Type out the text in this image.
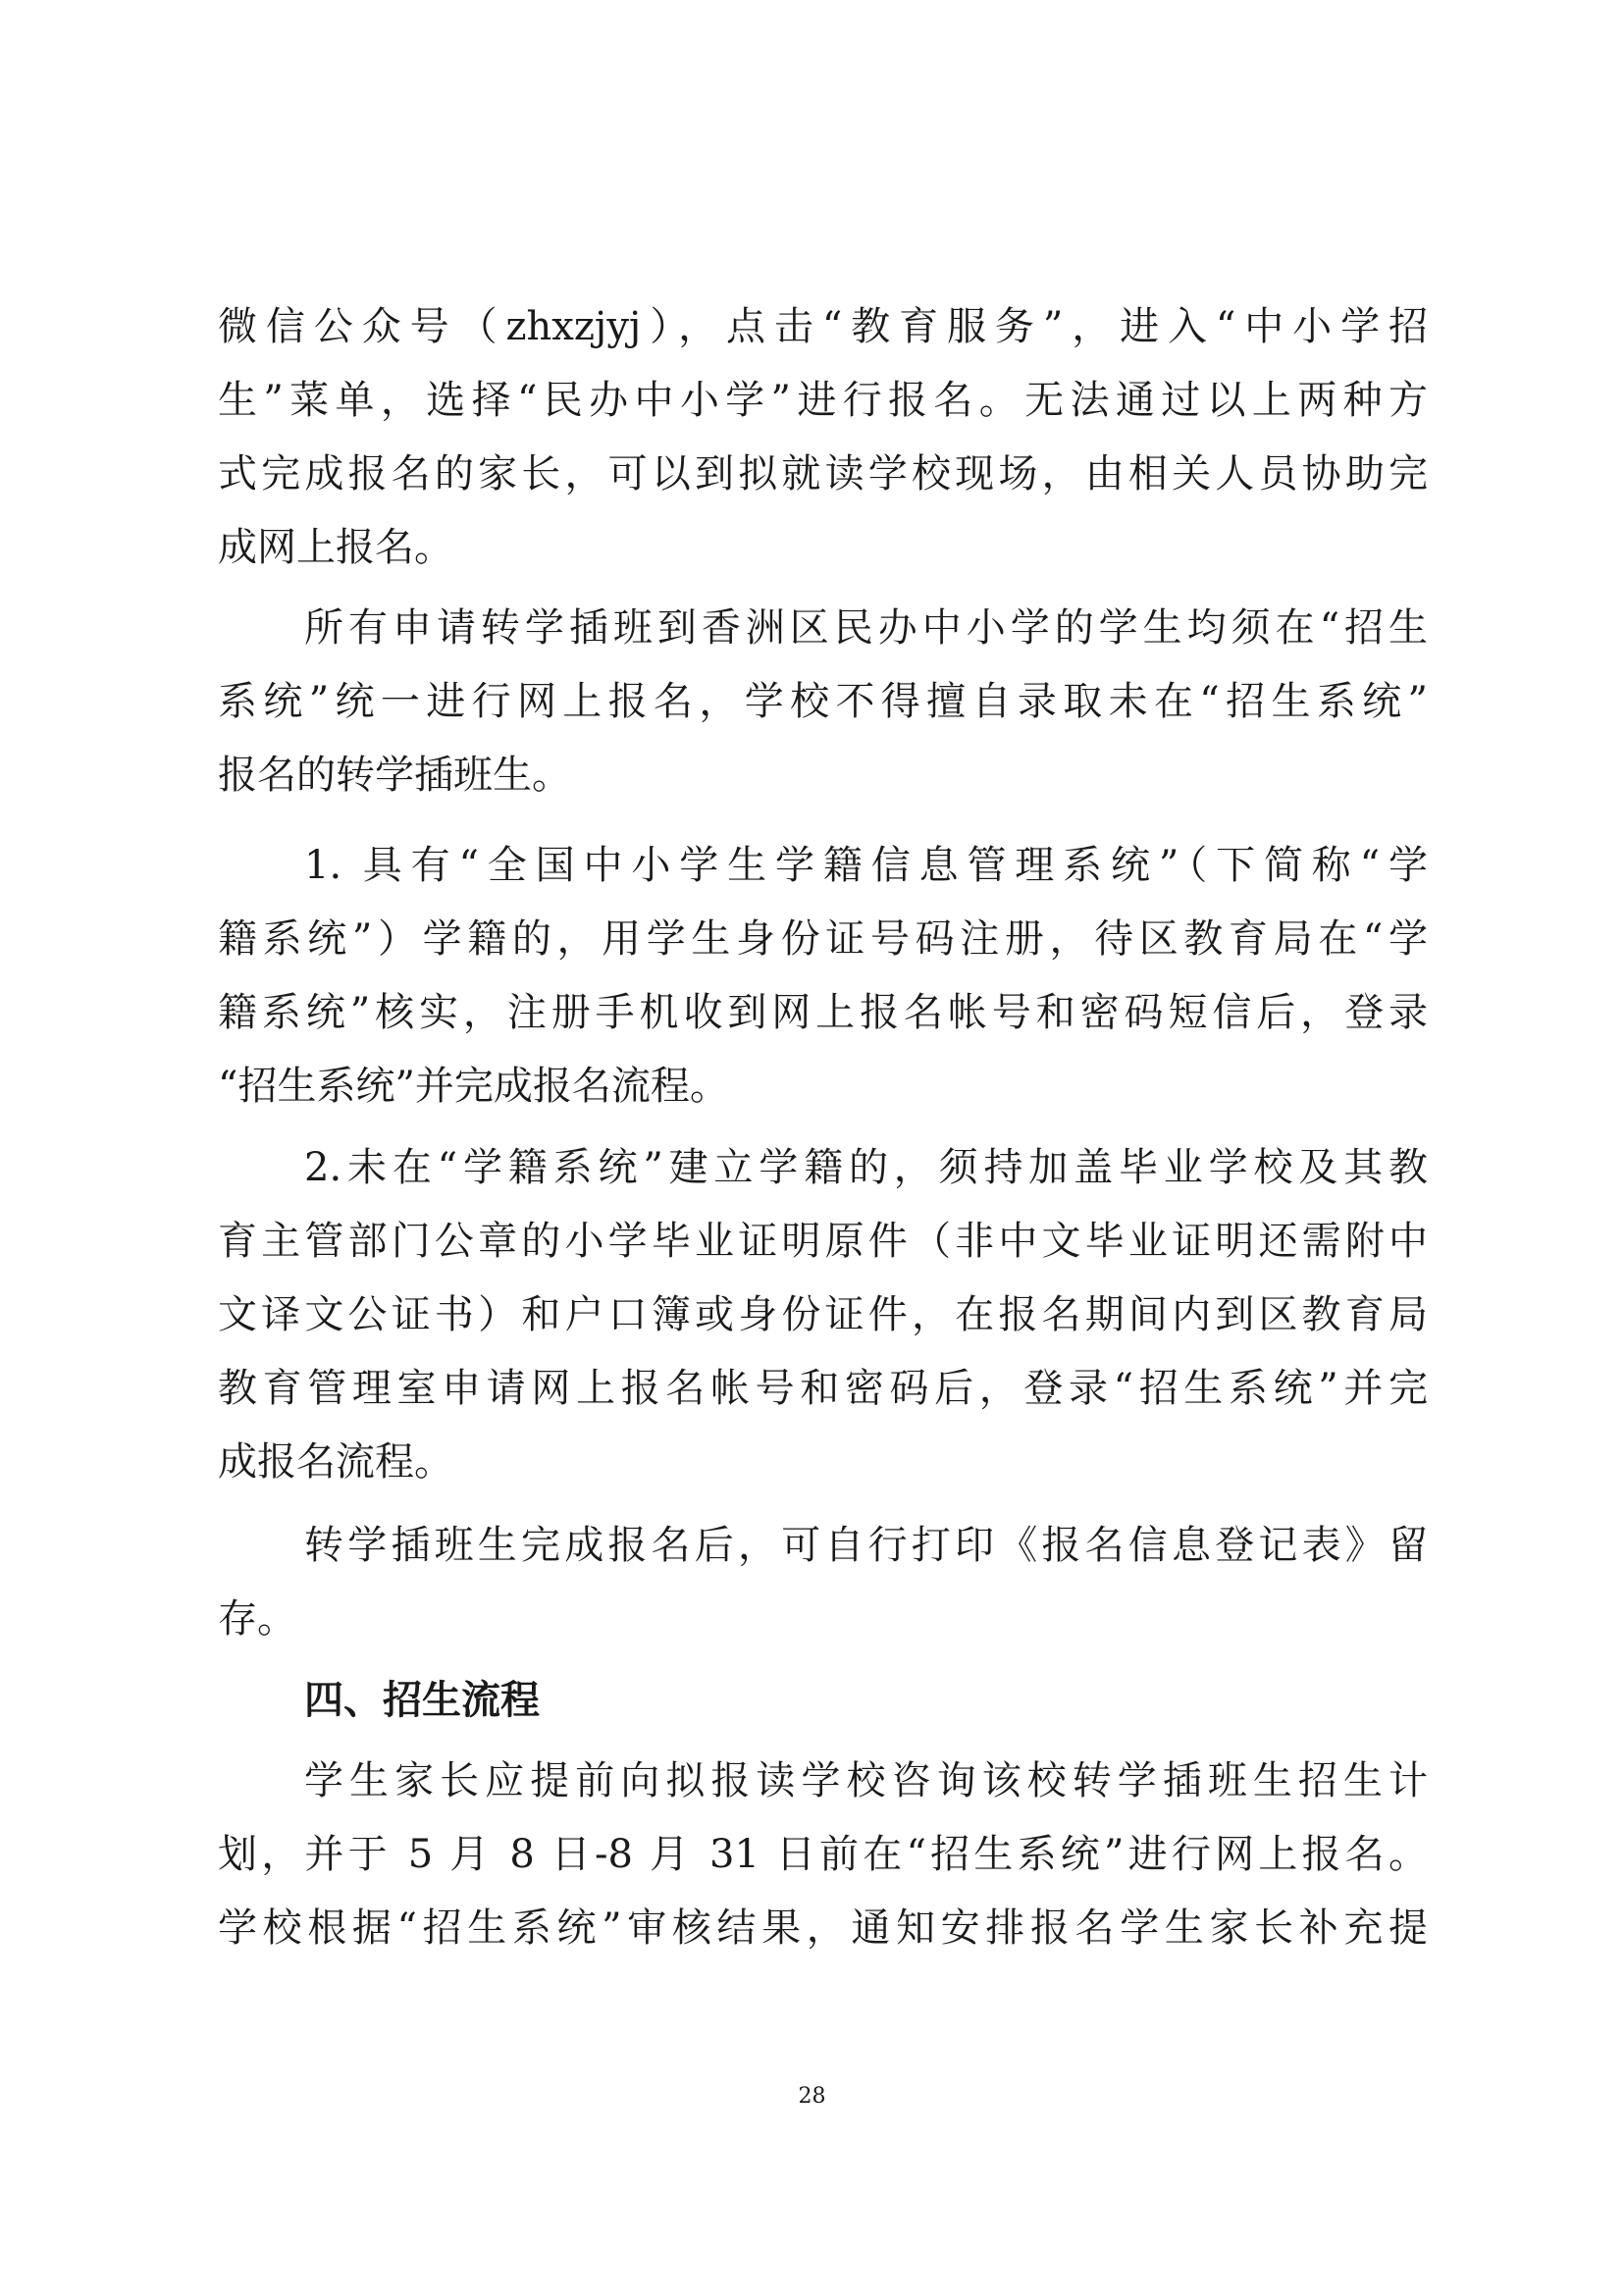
微信公众号（zhxzjyj），点击“教育服务”，进入“中小学招
生”菜单，选择“民办中小学”进行报名。无法通过以上两种方
式完成报名的家长，可以到拟就读学校现场，由相关人员协助完
成网上报名。
所有申请转学插班到香洲区民办中小学的学生均须在“招生
系统”统一进行网上报名，学校不得擅自录取未在“招生系统”
报名的转学插班生。
1. 具有“全国中小学生学籍信息管理系统”（下简称“学
籍系统”）学籍的，用学生身份证号码注册，待区教育局在“学
籍系统”核实，注册手机收到网上报名帐号和密码短信后，登录
“招生系统”并完成报名流程。
2.未在“学籍系统”建立学籍的，须持加盖毕业学校及其教
育主管部门公章的小学毕业证明原件（非中文毕业证明还需附中
文译文公证书）和户口簿或身份证件，在报名期间内到区教育局
教育管理室申请网上报名帐号和密码后，登录“招生系统”并完
成报名流程。
转学插班生完成报名后，可自行打印《报名信息登记表》留
存。
四、招生流程
学生家长应提前向拟报读学校咨询该校转学插班生招生计
划，并于 5 月 8 日-8 月 31 日前在“招生系统”进行网上报名。
学校根据“招生系统”审核结果，通知安排报名学生家长补充提
28
